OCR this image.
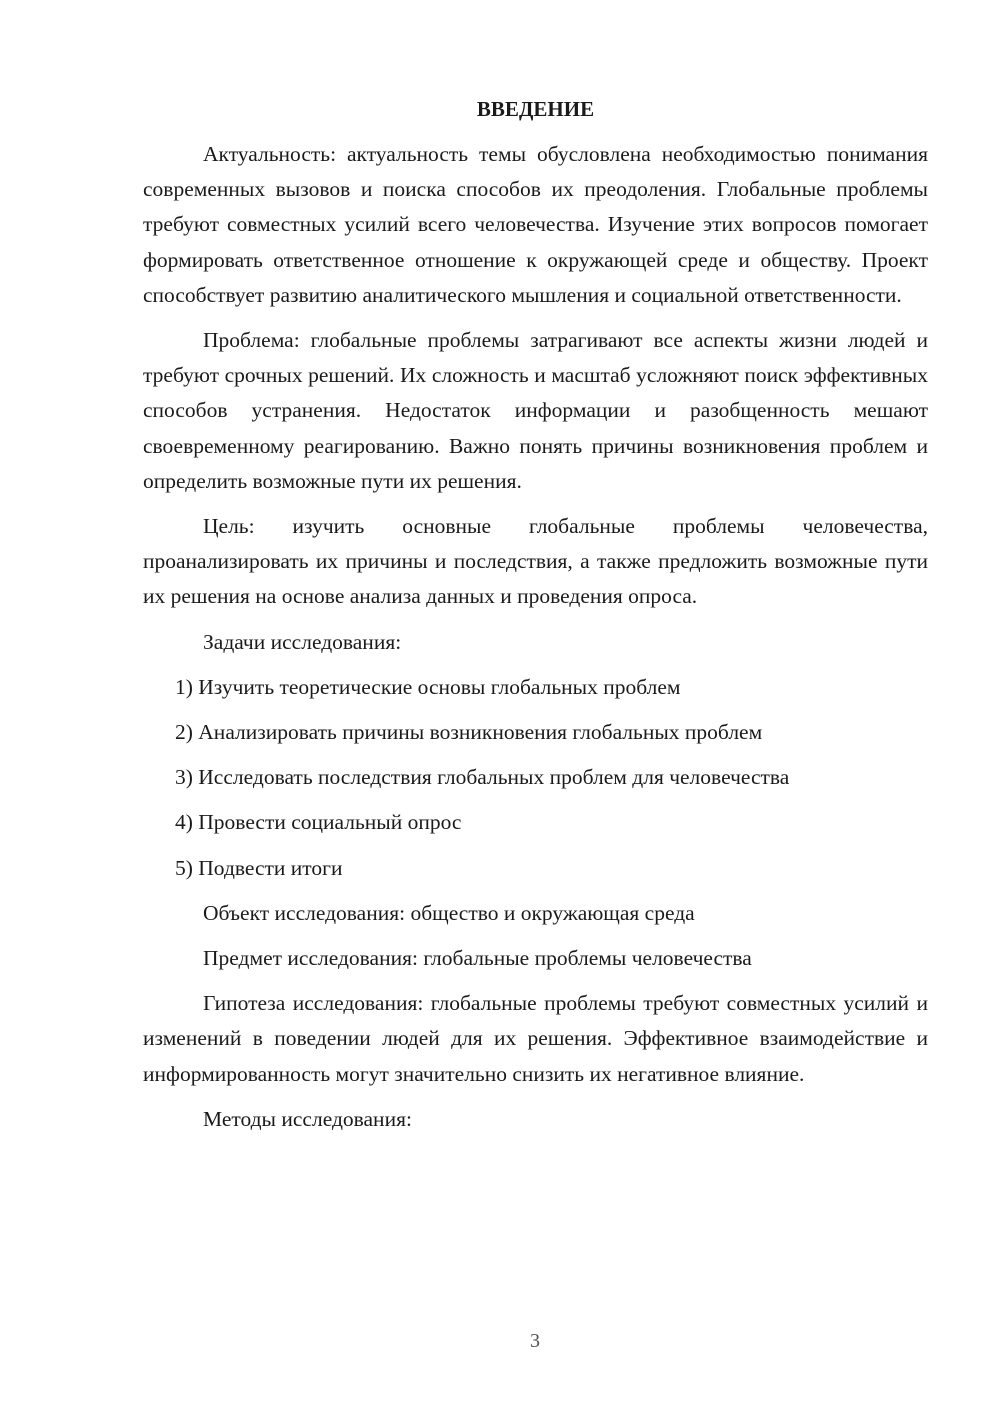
ВВЕДЕНИЕ

Актуальность: актуальность темы обусловлена необходимостью понимания современных вызовов и поиска способов их преодоления. Глобальные проблемы требуют совместных усилий всего человечества. Изучение этих вопросов помогает формировать ответственное отношение к окружающей среде и обществу. Проект способствует развитию аналитического мышления и социальной ответственности.

Проблема: глобальные проблемы затрагивают все аспекты жизни людей и требуют срочных решений. Их сложность и масштаб усложняют поиск эффективных способов устранения. Недостаток информации и разобщенность мешают своевременному реагированию. Важно понять причины возникновения проблем и определить возможные пути их решения.

Цель: изучить основные глобальные проблемы человечества, проанализировать их причины и последствия, а также предложить возможные пути их решения на основе анализа данных и проведения опроса.

Задачи исследования:

1) Изучить теоретические основы глобальных проблем
2) Анализировать причины возникновения глобальных проблем
3) Исследовать последствия глобальных проблем для человечества
4) Провести социальный опрос
5) Подвести итоги

Объект исследования: общество и окружающая среда

Предмет исследования: глобальные проблемы человечества

Гипотеза исследования: глобальные проблемы требуют совместных усилий и изменений в поведении людей для их решения. Эффективное взаимодействие и информированность могут значительно снизить их негативное влияние.

Методы исследования:

3
